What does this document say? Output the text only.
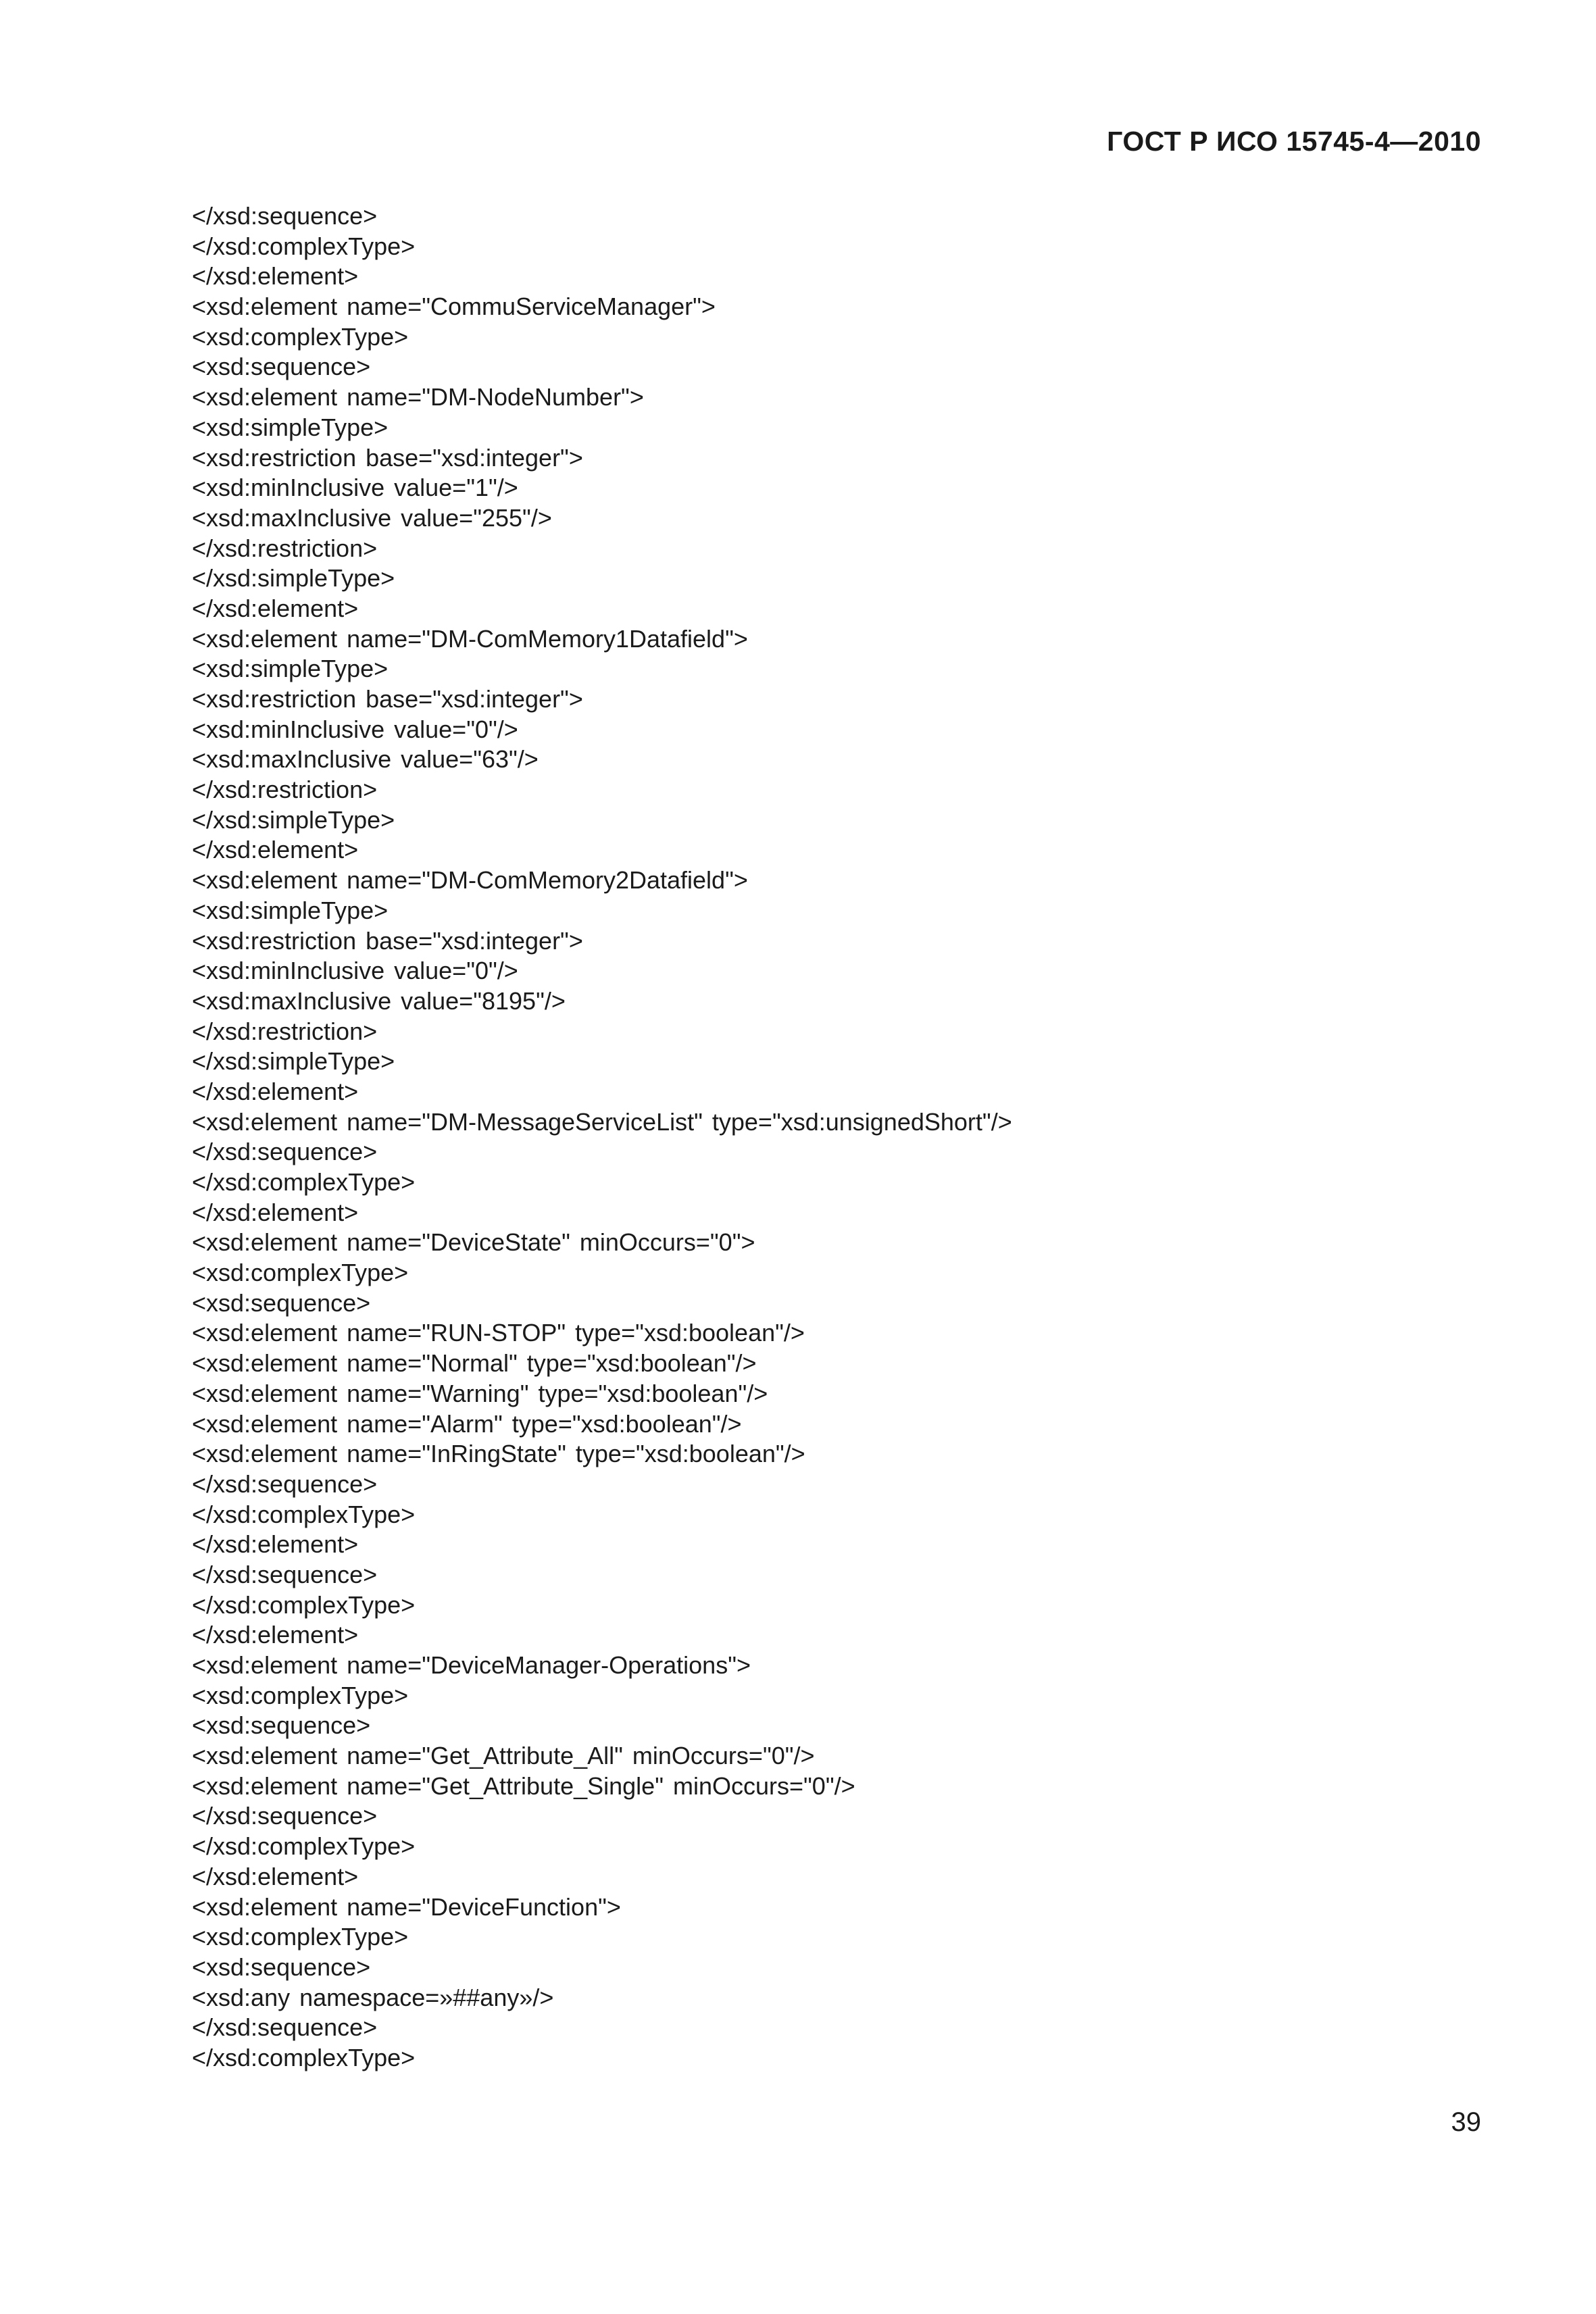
ГОСТ Р ИСО 15745-4—2010
</xsd:sequence>
</xsd:complexType>
</xsd:element>
<xsd:element name="CommuServiceManager">
<xsd:complexType>
<xsd:sequence>
<xsd:element name="DM-NodeNumber">
<xsd:simpleType>
<xsd:restriction base="xsd:integer">
<xsd:minInclusive value="1"/>
<xsd:maxInclusive value="255"/>
</xsd:restriction>
</xsd:simpleType>
</xsd:element>
<xsd:element name="DM-ComMemory1Datafield">
<xsd:simpleType>
<xsd:restriction base="xsd:integer">
<xsd:minInclusive value="0"/>
<xsd:maxInclusive value="63"/>
</xsd:restriction>
</xsd:simpleType>
</xsd:element>
<xsd:element name="DM-ComMemory2Datafield">
<xsd:simpleType>
<xsd:restriction base="xsd:integer">
<xsd:minInclusive value="0"/>
<xsd:maxInclusive value="8195"/>
</xsd:restriction>
</xsd:simpleType>
</xsd:element>
<xsd:element name="DM-MessageServiceList" type="xsd:unsignedShort"/>
</xsd:sequence>
</xsd:complexType>
</xsd:element>
<xsd:element name="DeviceState" minOccurs="0">
<xsd:complexType>
<xsd:sequence>
<xsd:element name="RUN-STOP" type="xsd:boolean"/>
<xsd:element name="Normal" type="xsd:boolean"/>
<xsd:element name="Warning" type="xsd:boolean"/>
<xsd:element name="Alarm" type="xsd:boolean"/>
<xsd:element name="InRingState" type="xsd:boolean"/>
</xsd:sequence>
</xsd:complexType>
</xsd:element>
</xsd:sequence>
</xsd:complexType>
</xsd:element>
<xsd:element name="DeviceManager-Operations">
<xsd:complexType>
<xsd:sequence>
<xsd:element name="Get_Attribute_All" minOccurs="0"/>
<xsd:element name="Get_Attribute_Single" minOccurs="0"/>
</xsd:sequence>
</xsd:complexType>
</xsd:element>
<xsd:element name="DeviceFunction">
<xsd:complexType>
<xsd:sequence>
<xsd:any namespace=»##any»/>
</xsd:sequence>
</xsd:complexType>
39
